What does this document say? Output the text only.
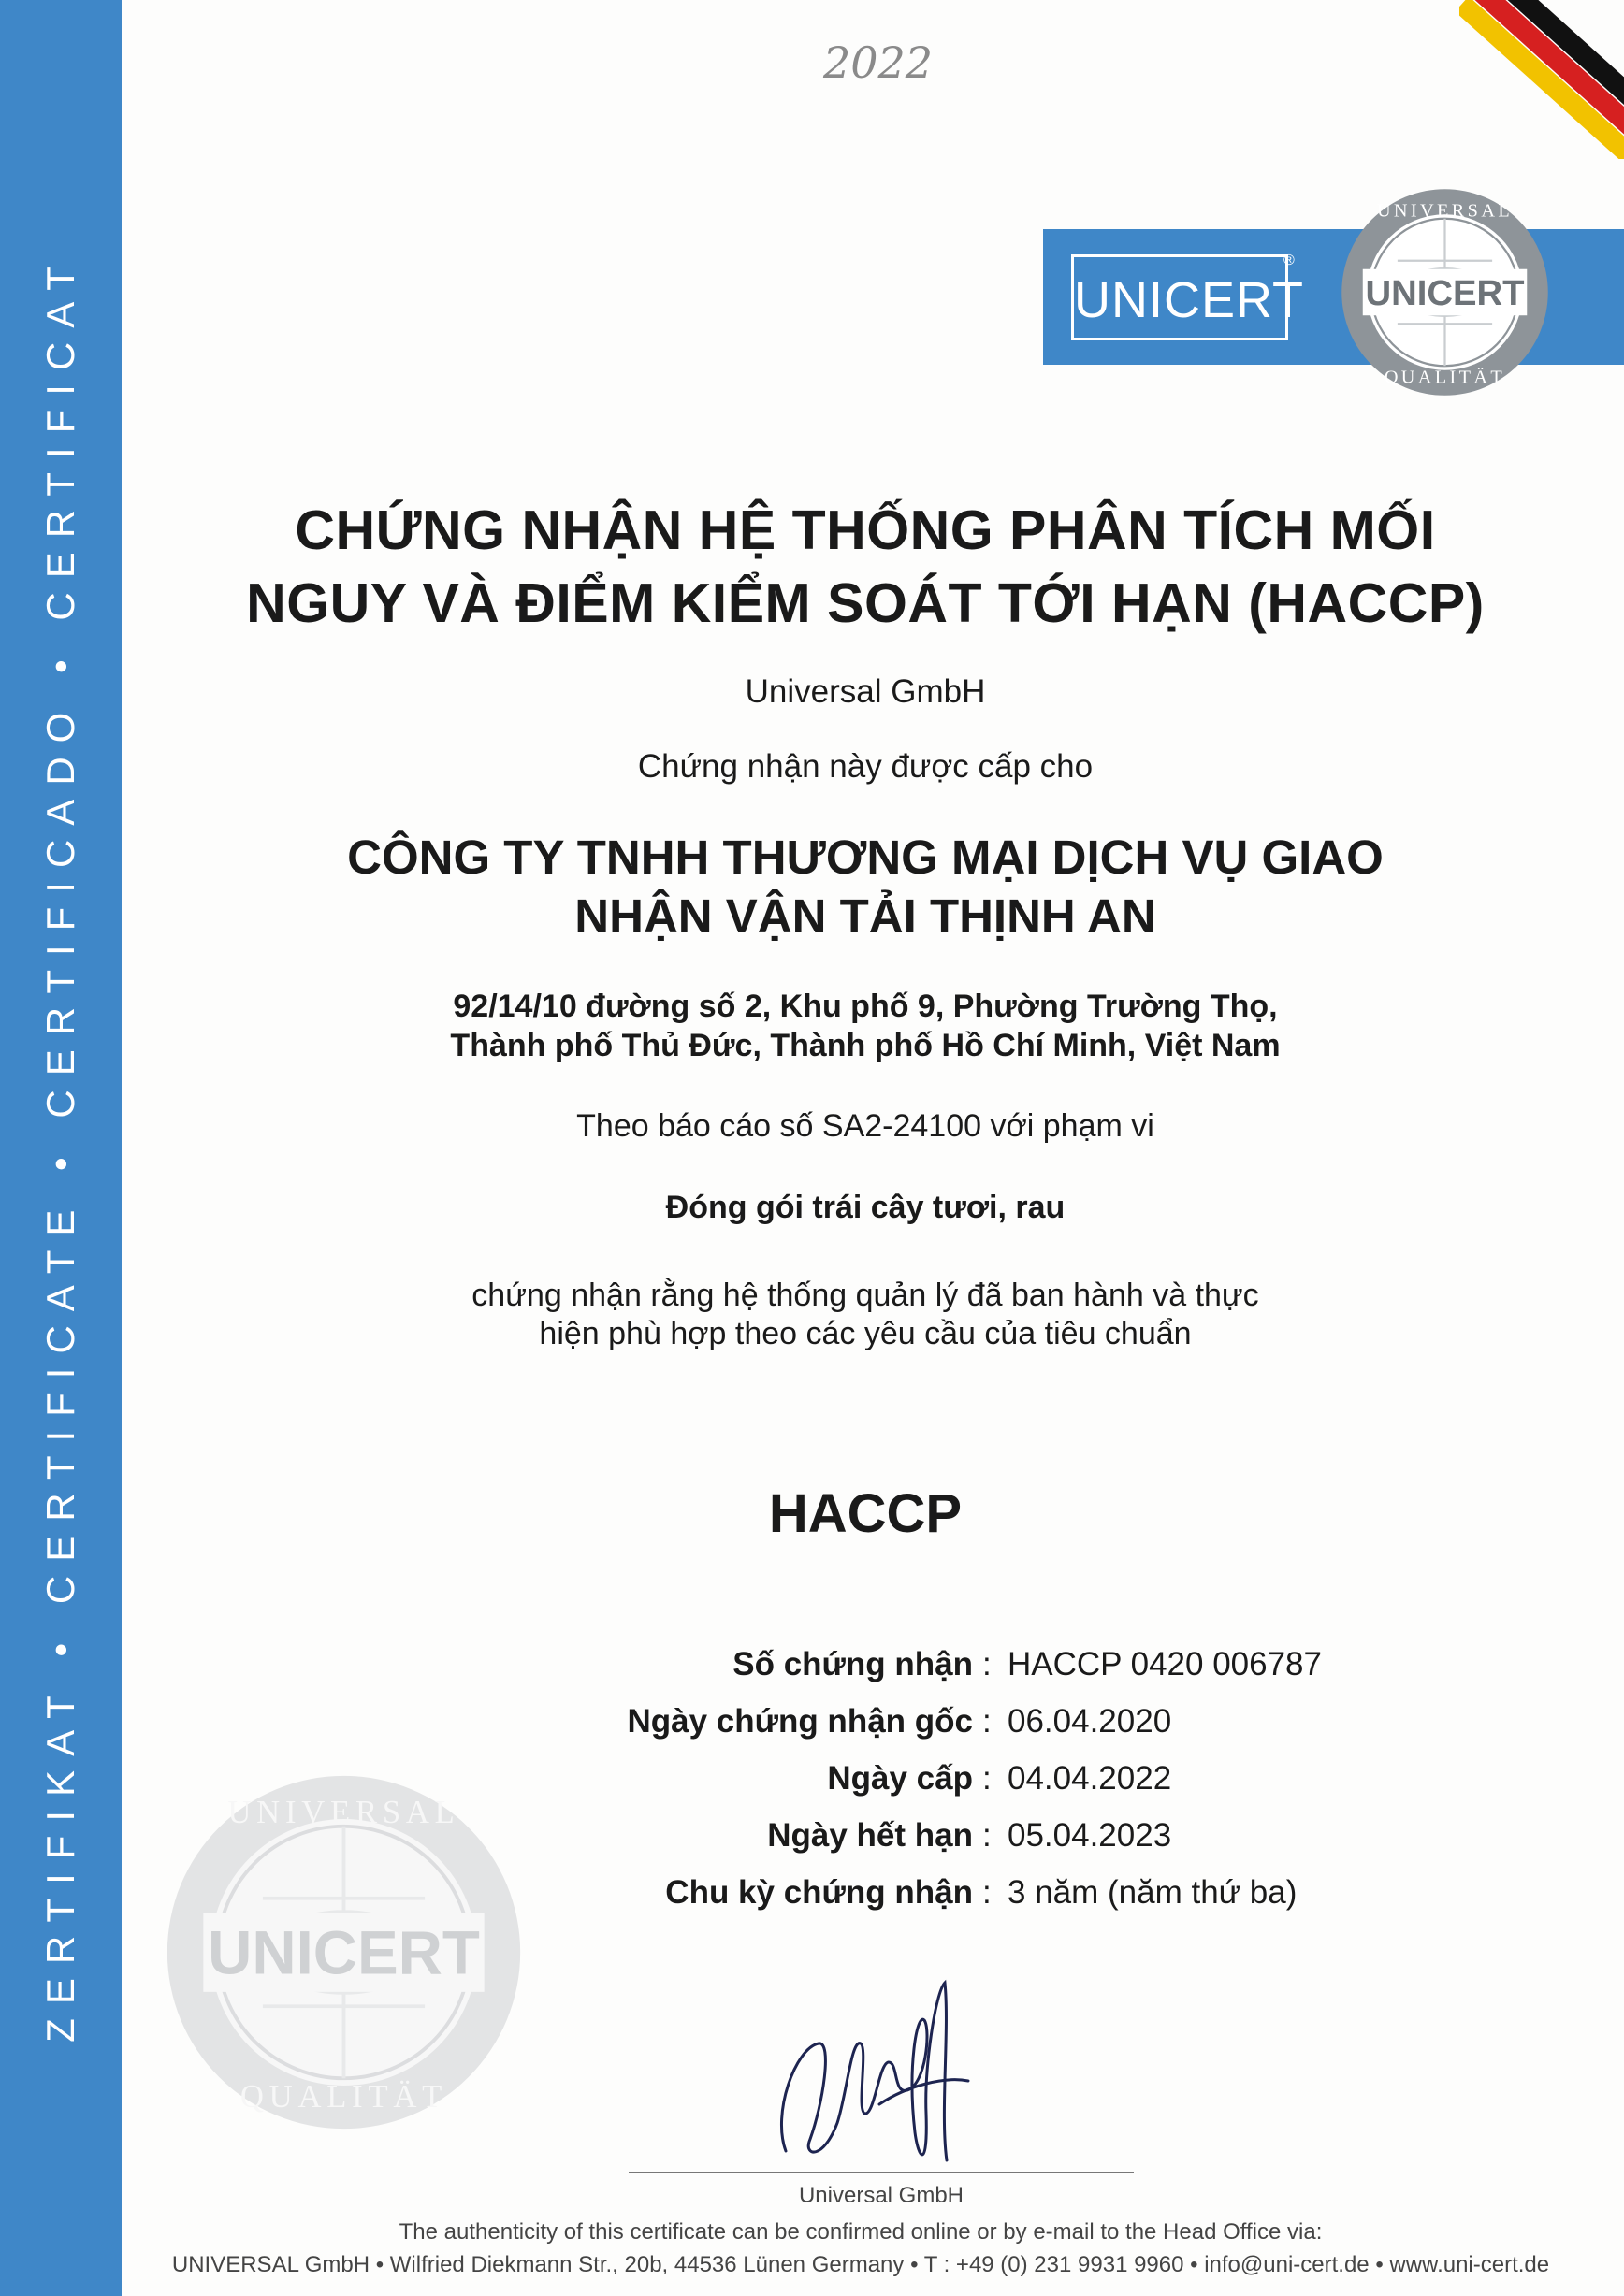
ZERTIFIKAT • CERTIFICATE • CERTIFICADO • CERTIFICAT
2022
UNICERT
®
UNICERT
UNIVERSAL
QUALITÄT
UNICERT
UNIVERSAL
QUALITÄT
CHỨNG NHẬN HỆ THỐNG PHÂN TÍCH MỐI
NGUY VÀ ĐIỂM KIỂM SOÁT TỚI HẠN (HACCP)
Universal GmbH
Chứng nhận này được cấp cho
CÔNG TY TNHH THƯƠNG MẠI DỊCH VỤ GIAO
NHẬN VẬN TẢI THỊNH AN
92/14/10 đường số 2, Khu phố 9, Phường Trường Thọ,
Thành phố Thủ Đức, Thành phố Hồ Chí Minh, Việt Nam
Theo báo cáo số SA2-24100 với phạm vi
Đóng gói trái cây tươi, rau
chứng nhận rằng hệ thống quản lý đã ban hành và thực
hiện phù hợp theo các yêu cầu của tiêu chuẩn
HACCP
Số chứng nhận : HACCP 0420 006787
Ngày chứng nhận gốc : 06.04.2020
Ngày cấp : 04.04.2022
Ngày hết hạn : 05.04.2023
Chu kỳ chứng nhận : 3 năm (năm thứ ba)
Universal GmbH
The authenticity of this certificate can be confirmed online or by e-mail to the Head Office via:
UNIVERSAL GmbH • Wilfried Diekmann Str., 20b, 44536 Lünen Germany • T : +49 (0) 231 9931 9960 • info@uni-cert.de • www.uni-cert.de
